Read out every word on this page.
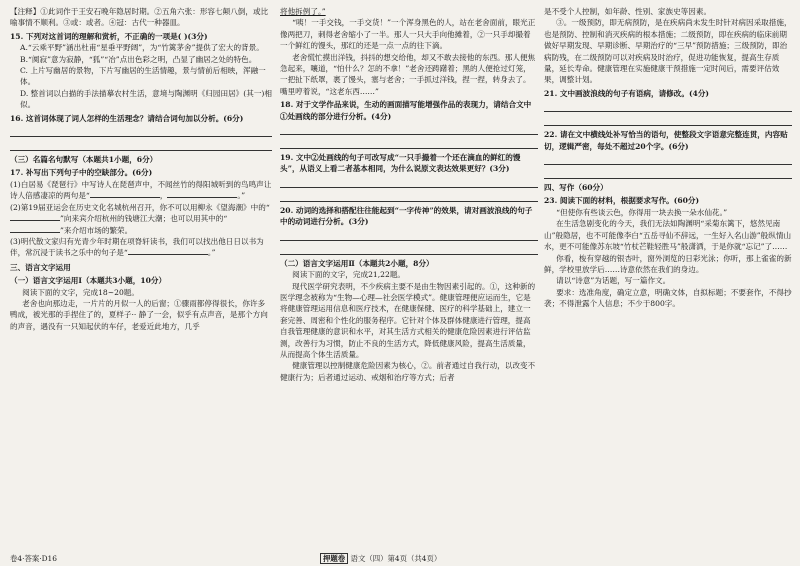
【注释】①此词作于王安石晚年隐居时期。②五角六张：形容七颠八倒，或比喻事情不顺利。③或：或者。④冠：古代一种器皿。

15. 下列对这首词的理解和赏析，不正确的一项是( )(3分)

A.“云乘平野”涵出杜甫“星垂平野阔”，为“竹篱茅舍”提供了宏大的背景。

B.“阒寂”意为寂静，“狐”“冶”点出色彩之明，凸显了幽居之处的特色。

C. 上片写幽居的景物，下片写幽居的生活情趣，景与情前后相映，浑融一体。

D. 整首词以白描的手法描摹农村生活，意境与陶渊明《归园田居》(其一)相似。

16. 这首词体现了词人怎样的生活理念？请结合词句加以分析。(6分)

（三）名篇名句默写（本题共1小题，6分）

17. 补写出下列句子中的空缺部分。(6分)

(1)白居易《琵琶行》中写诗人在琵琶声中，不闻丝竹的得阳城听到的鸟鸣声让诗人倍感凄凉的两句是“	，	。”

(2)第19届亚运会在历史文化名城杭州召开，你不可以用柳永《望海潮》中的“”向来宾介绍杭州的钱塘江大潮；也可以用其中的“”来介绍市场的繁荣。

(3)明代散文家归有光青少年时期在项脊轩读书，我们可以找出他日日以书为伴，常沉浸于读书之乐中的句子是“	。”

三、语言文字运用

（一）语言文字运用Ⅰ（本题共3小题，10分）

阅读下面的文字，完成18~20题。

老舍也向那边走，一片片的月似一人的后窗；①骤雨都停得很长，你许多鸭成，被光那的手捏住了的，夏样子·· 静了一会，似乎有点声音，是那个方向的声音，遇没有一只知起伏的车仔，老爱近此地方，几乎

将他拆例了。”

“咦！一手交钱，一手交货！”一个浑身黑色的人，站在老舍面前，眼光正像两把刀，刺得老舍缩小了一半。那人一只大手向他摊着，②一只手却撮着一个鲜红的馒头，那红的还是一点一点的往下滴。

老舍慌忙摸出洋钱，抖抖的想交给他，却又不敢去接他的东西。那人便焦急起来，嚷道，“怕什么？怎的不拿！”老舍还踌躇着；黑的人便抢过灯笼，一把扯下纸罩，裹了馒头，塞与老舍；一手抓过洋钱，捏一捏，转身去了。嘴里哼着说，“这老东西……”

18. 对于文学作品来说，生动的画面描写能增强作品的表现力，请结合文中①处画线的部分进行分析。(4分)

19. 文中②处画线的句子可改写成“一只手撮着一个还在滴血的鲜红的馒头”，从语义上看二者基本相同，为什么说原文表达效果更好？(3分)

20. 动词的选择和搭配往往能起到“一字传神”的效果，请对画波浪线的句子中的动词进行分析。(3分)

（二）语言文字运用Ⅱ（本题共2小题，8分）

阅读下面的文字，完成21,22题。

现代医学研究表明，不少疾病主要不是由生物因素引起的。①，这种新的医学理念被称为“生物—心理—社会医学模式”。健康管理便应运而生，它是将健康管理运用信息和医疗技术，在健康保健、医疗的科学基础上，建立一套完善、周密和个性化的服务程序。它针对个体及群体健康进行管理，提高自我管理健康的意识和水平，对其生活方式相关的健康危险因素进行评估监测，改善行为习惯，防止不良的生活方式，降低健康风险，提高生活质量，从而提高个体生活质量。

健康管理以控制健康危险因素为核心，②。前者通过自我行动，以改变不健康行为；后者通过运动、戒烟和治疗等方式；后者

是不受个人控制，如年龄、性别、家族史等因素。

③。一级预防，即无病预防，是在疾病尚未发生时针对病因采取措施，也是预防、控制和消灭疾病的根本措施；二级预防，即在疾病的临床前期做好早期发现、早期诊断、早期治疗的“三早”预防措施；三级预防，即治病防残，在二级预防可以对疾病及时治疗，促进功能恢复，提高生存质量，延长寿命。健康管理在实施健康干预措施一定时间后，需要评估效果，调整计划。

21. 文中画波浪线的句子有语病，请修改。(4分)

22. 请在文中横线处补写恰当的语句，使整段文字语意完整连贯，内容贴切，逻辑严密，每处不超过20个字。(6分)

四、写作（60分）

23. 阅读下面的材料，根据要求写作。(60分)

“但使你有些谈云色，你得用一块去换一朵水仙花。”

在生活急剧变化的今天，我们无法如陶渊明“采菊东篱下，悠然见南山”般隐居，也不可能像李白“五岳寻仙不辞远，一生好入名山游”般纵情山水，更不可能像苏东坡“竹杖芒鞋轻胜马”般潇洒，于是你就“忘记”了……

你看，梭有穿越的银杏叶，窗外浏览的日彩光泳；你听，那上雀雀的新鲜，学校里放学后……诗意依然在我们的身边。

请以“诗意”为话题，写一篇作文。

要求：选准角度，确定立意，明确文体，自拟标题；不要套作，不得抄袭；不得泄露个人信息；不少于800字。

卷4·答案·D16	押题卷 语文（四）第4页（共4页）
